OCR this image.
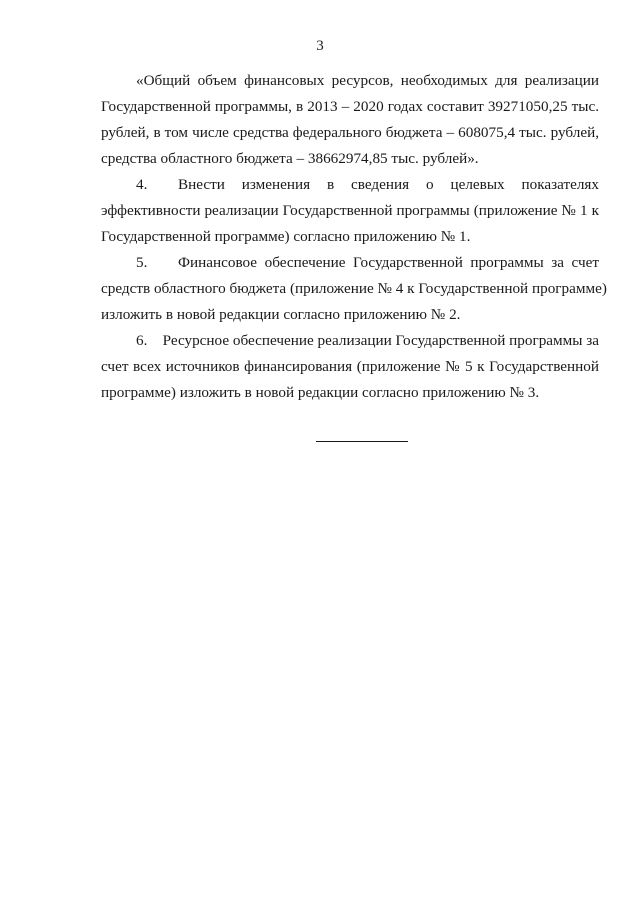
3
«Общий объем финансовых ресурсов, необходимых для реализации
Государственной программы, в 2013 – 2020 годах составит 39271050,25 тыс.
рублей, в том числе средства федерального бюджета – 608075,4 тыс. рублей,
средства областного бюджета – 38662974,85 тыс. рублей».
4.	Внести изменения в сведения о целевых показателях
эффективности реализации Государственной программы (приложение № 1 к
Государственной программе) согласно приложению № 1.
5.	Финансовое обеспечение Государственной программы за счет
средств областного бюджета (приложение № 4 к Государственной программе)
изложить в новой редакции согласно приложению № 2.
6. Ресурсное обеспечение реализации Государственной программы за
счет всех источников финансирования (приложение № 5 к Государственной
программе) изложить в новой редакции согласно приложению № 3.
